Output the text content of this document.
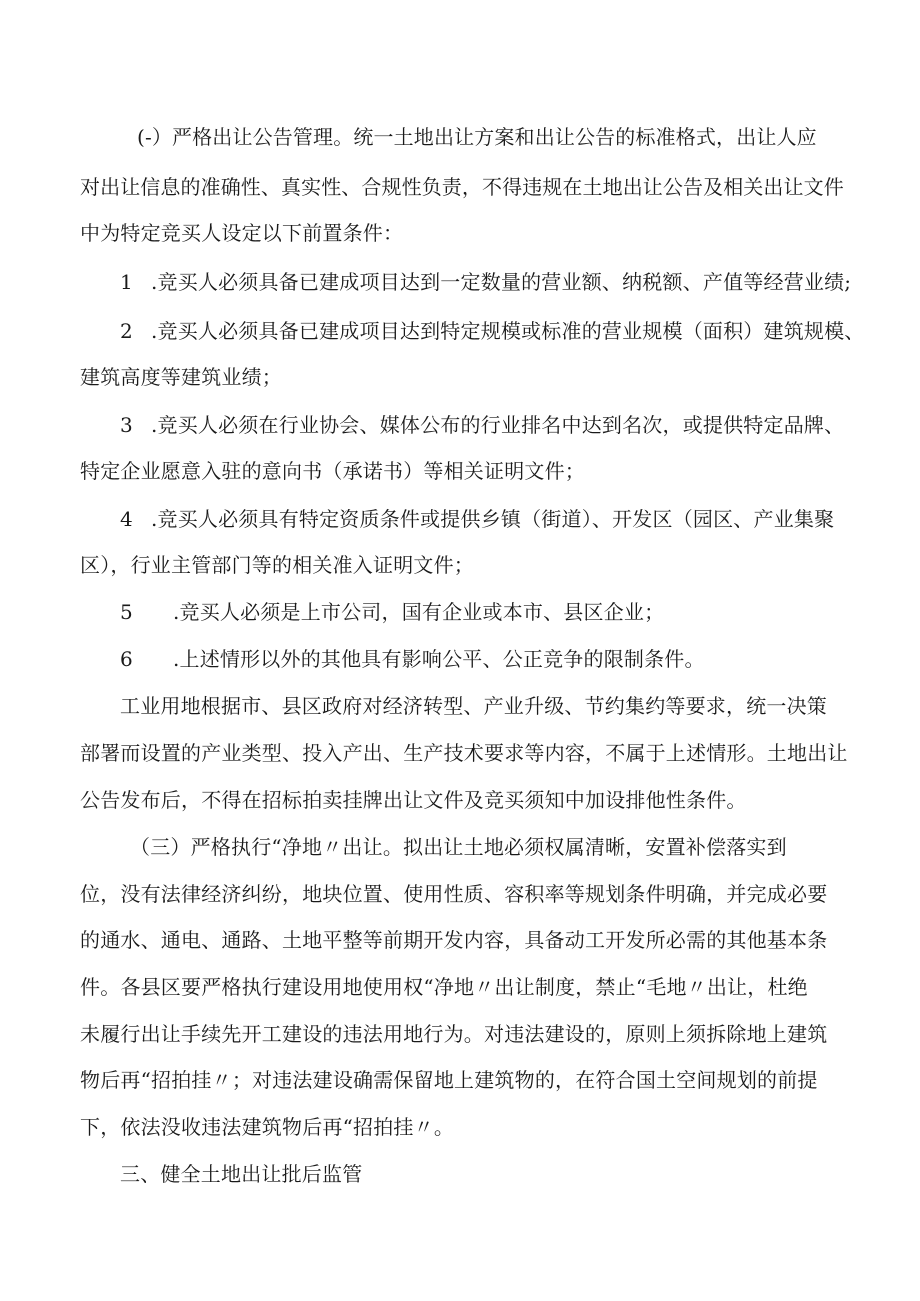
(-）严格出让公告管理。统一土地出让方案和出让公告的标准格式，出让人应
对出让信息的准确性、真实性、合规性负责，不得违规在土地出让公告及相关出让文件
中为特定竞买人设定以下前置条件：
1 .竞买人必须具备已建成项目达到一定数量的营业额、纳税额、产值等经营业绩;
2 .竞买人必须具备已建成项目达到特定规模或标准的营业规模（面积）建筑规模、
建筑高度等建筑业绩；
3 .竞买人必须在行业协会、媒体公布的行业排名中达到名次，或提供特定品牌、
特定企业愿意入驻的意向书（承诺书）等相关证明文件；
4 .竞买人必须具有特定资质条件或提供乡镇（街道）、开发区（园区、产业集聚
区），行业主管部门等的相关准入证明文件；
5 .竞买人必须是上市公司，国有企业或本市、县区企业；
6 .上述情形以外的其他具有影响公平、公正竞争的限制条件。
工业用地根据市、县区政府对经济转型、产业升级、节约集约等要求，统一决策
部署而设置的产业类型、投入产出、生产技术要求等内容，不属于上述情形。土地出让
公告发布后，不得在招标拍卖挂牌出让文件及竞买须知中加设排他性条件。
（三）严格执行“净地〃出让。拟出让土地必须权属清晰，安置补偿落实到
位，没有法律经济纠纷，地块位置、使用性质、容积率等规划条件明确，并完成必要
的通水、通电、通路、土地平整等前期开发内容，具备动工开发所必需的其他基本条
件。各县区要严格执行建设用地使用权“净地〃出让制度，禁止“毛地〃出让，杜绝
未履行出让手续先开工建设的违法用地行为。对违法建设的，原则上须拆除地上建筑
物后再“招拍挂〃；对违法建设确需保留地上建筑物的，在符合国土空间规划的前提
下，依法没收违法建筑物后再“招拍挂〃。
三、健全土地出让批后监管
